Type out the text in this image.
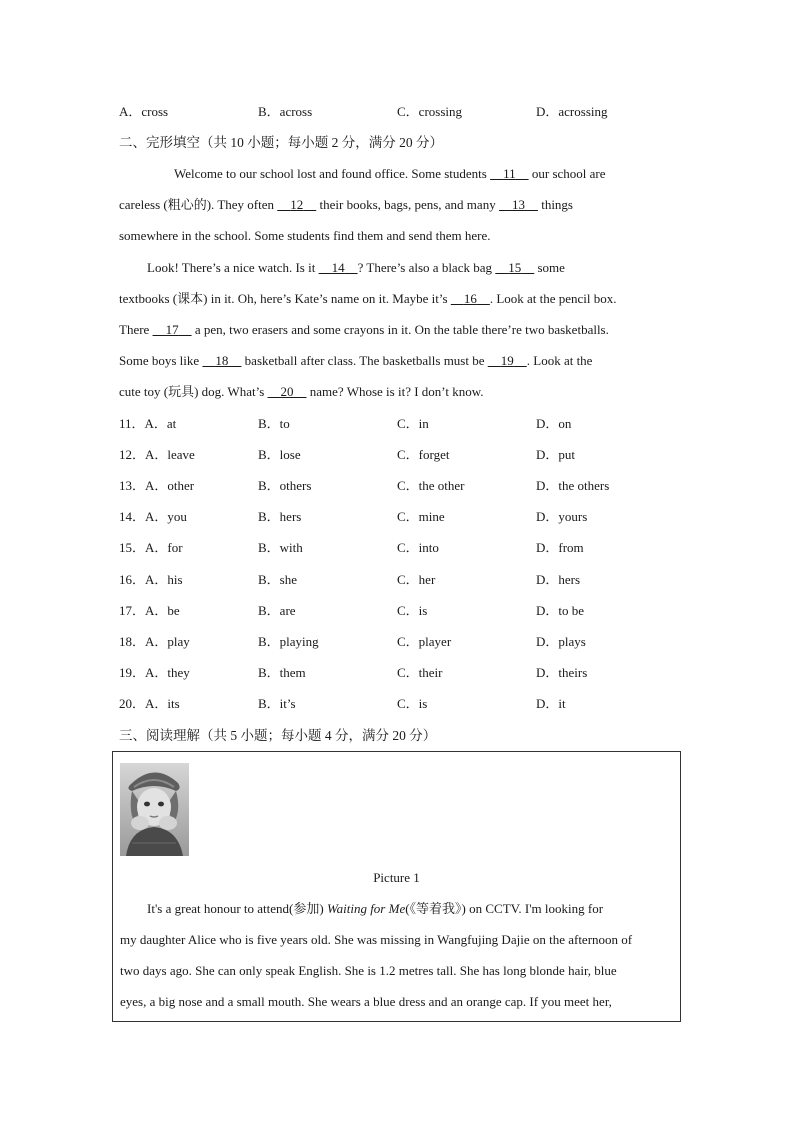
A．cross	B．across	C．crossing	D．acrossing
二、完形填空（共 10 小题；每小题 2 分，满分 20 分）
Welcome to our school lost and found office. Some students     11     our school are
careless (粗心的). They often     12     their books, bags, pens, and many     13     things
somewhere in the school. Some students find them and send them here.
Look! There’s a nice watch. Is it     14 ? There’s also a black bag     15     some
textbooks (课本) in it. Oh, here’s Kate’s name on it. Maybe it’s     16 . Look at the pencil box.
There     17     a pen, two erasers and some crayons in it. On the table there’re two basketballs.
Some boys like     18     basketball after class. The basketballs must be     19 . Look at the
cute toy (玩具) dog. What’s     20     name? Whose is it? I don’t know.
11．A．at	B．to	C．in	D．on
12．A．leave	B．lose	C．forget	D．put
13．A．other	B．others	C．the other	D．the others
14．A．you	B．hers	C．mine	D．yours
15．A．for	B．with	C．into	D．from
16．A．his	B．she	C．her	D．hers
17．A．be	B．are	C．is	D．to be
18．A．play	B．playing	C．player	D．plays
19．A．they	B．them	C．their	D．theirs
20．A．its	B．it’s	C．is	D．it
三、阅读理解（共 5 小题；每小题 4 分，满分 20 分）
Picture 1
It's a great honour to attend(参加) Waiting for Me(《等着我》) on CCTV. I'm looking for
my daughter Alice who is five years old. She was missing in Wangfujing Dajie on the afternoon of
two days ago. She can only speak English. She is 1.2 metres tall. She has long blonde hair, blue
eyes, a big nose and a small mouth. She wears a blue dress and an orange cap. If you meet her,
